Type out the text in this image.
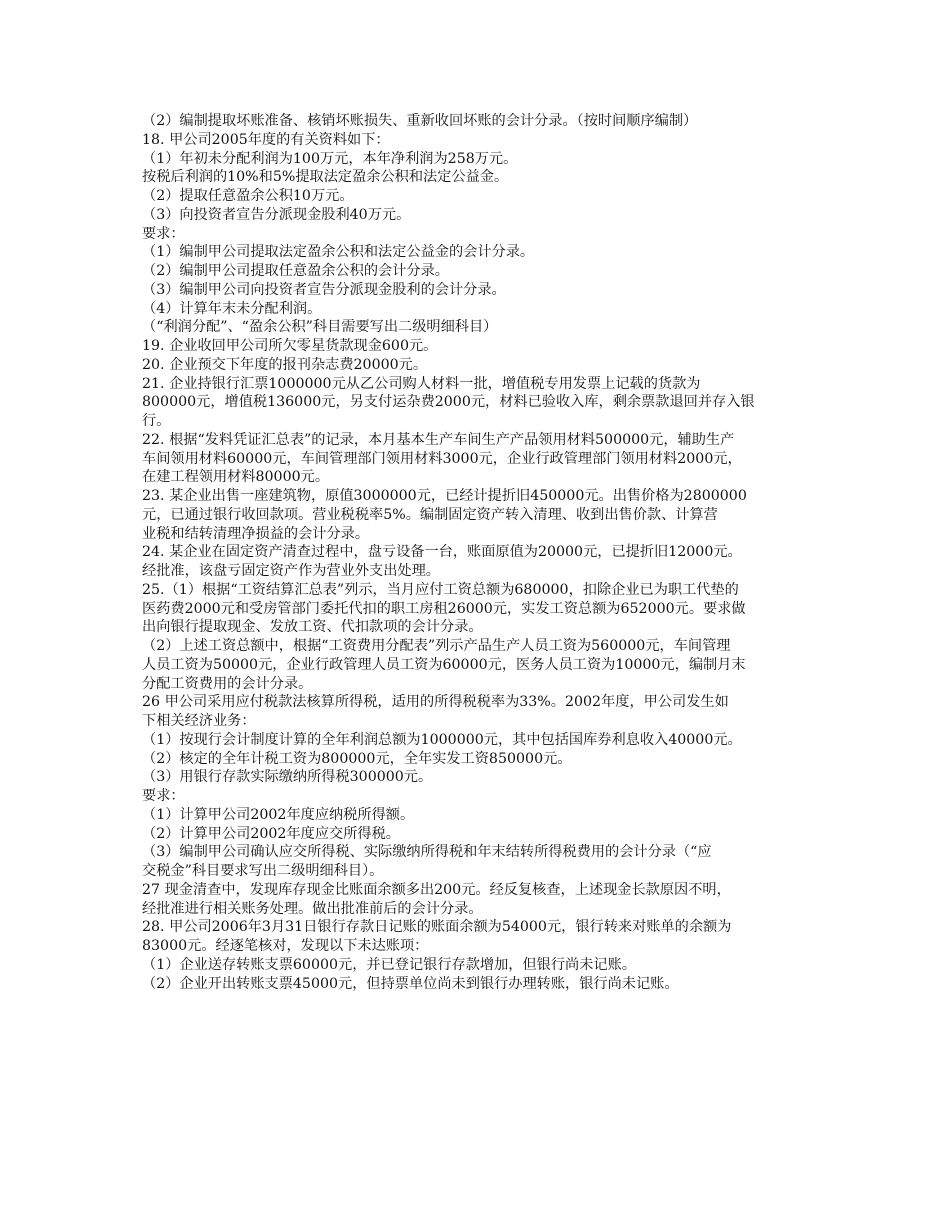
（2）编制提取坏账准备、核销坏账损失、重新收回坏账的会计分录。（按时间顺序编制）
18. 甲公司2005年度的有关资料如下：
（1）年初未分配利润为100万元，本年净利润为258万元。
按税后利润的10%和5%提取法定盈余公积和法定公益金。
（2）提取任意盈余公积10万元。
（3）向投资者宣告分派现金股利40万元。
要求：
（1）编制甲公司提取法定盈余公积和法定公益金的会计分录。
（2）编制甲公司提取任意盈余公积的会计分录。
（3）编制甲公司向投资者宣告分派现金股利的会计分录。
（4）计算年末未分配利润。
（“利润分配”、“盈余公积”科目需要写出二级明细科目）
19. 企业收回甲公司所欠零星货款现金600元。
20. 企业预交下年度的报刊杂志费20000元。
21. 企业持银行汇票1000000元从乙公司购人材料一批，增值税专用发票上记载的货款为
800000元，增值税136000元，另支付运杂费2000元，材料已验收入库，剩余票款退回并存入银
行。
22. 根据“发料凭证汇总表”的记录，本月基本生产车间生产产品领用材料500000元，辅助生产
车间领用材料60000元，车间管理部门领用材料3000元，企业行政管理部门领用材料2000元，
在建工程领用材料80000元。
23. 某企业出售一座建筑物，原值3000000元，已经计提折旧450000元。出售价格为2800000
元，已通过银行收回款项。营业税税率5%。编制固定资产转入清理、收到出售价款、计算营
业税和结转清理净损益的会计分录。
24. 某企业在固定资产清查过程中，盘亏设备一台，账面原值为20000元，已提折旧12000元。
经批准，该盘亏固定资产作为营业外支出处理。
25.（1）根据“工资结算汇总表”列示，当月应付工资总额为680000，扣除企业已为职工代垫的
医药费2000元和受房管部门委托代扣的职工房租26000元，实发工资总额为652000元。要求做
出向银行提取现金、发放工资、代扣款项的会计分录。
（2）上述工资总额中，根据“工资费用分配表”列示产品生产人员工资为560000元，车间管理
人员工资为50000元，企业行政管理人员工资为60000元，医务人员工资为10000元，编制月末
分配工资费用的会计分录。
26 甲公司采用应付税款法核算所得税，适用的所得税税率为33%。2002年度，甲公司发生如
下相关经济业务：
（1）按现行会计制度计算的全年利润总额为1000000元，其中包括国库券利息收入40000元。
（2）核定的全年计税工资为800000元，全年实发工资850000元。
（3）用银行存款实际缴纳所得税300000元。
要求：
（1）计算甲公司2002年度应纳税所得额。
（2）计算甲公司2002年度应交所得税。
（3）编制甲公司确认应交所得税、实际缴纳所得税和年末结转所得税费用的会计分录（“应
交税金”科目要求写出二级明细科目）。
27 现金清查中，发现库存现金比账面余额多出200元。经反复核查，上述现金长款原因不明，
经批准进行相关账务处理。做出批准前后的会计分录。
28. 甲公司2006年3月31日银行存款日记账的账面余额为54000元，银行转来对账单的余额为
83000元。经逐笔核对，发现以下未达账项：
（1）企业送存转账支票60000元，并已登记银行存款增加，但银行尚未记账。
（2）企业开出转账支票45000元，但持票单位尚未到银行办理转账，银行尚未记账。
